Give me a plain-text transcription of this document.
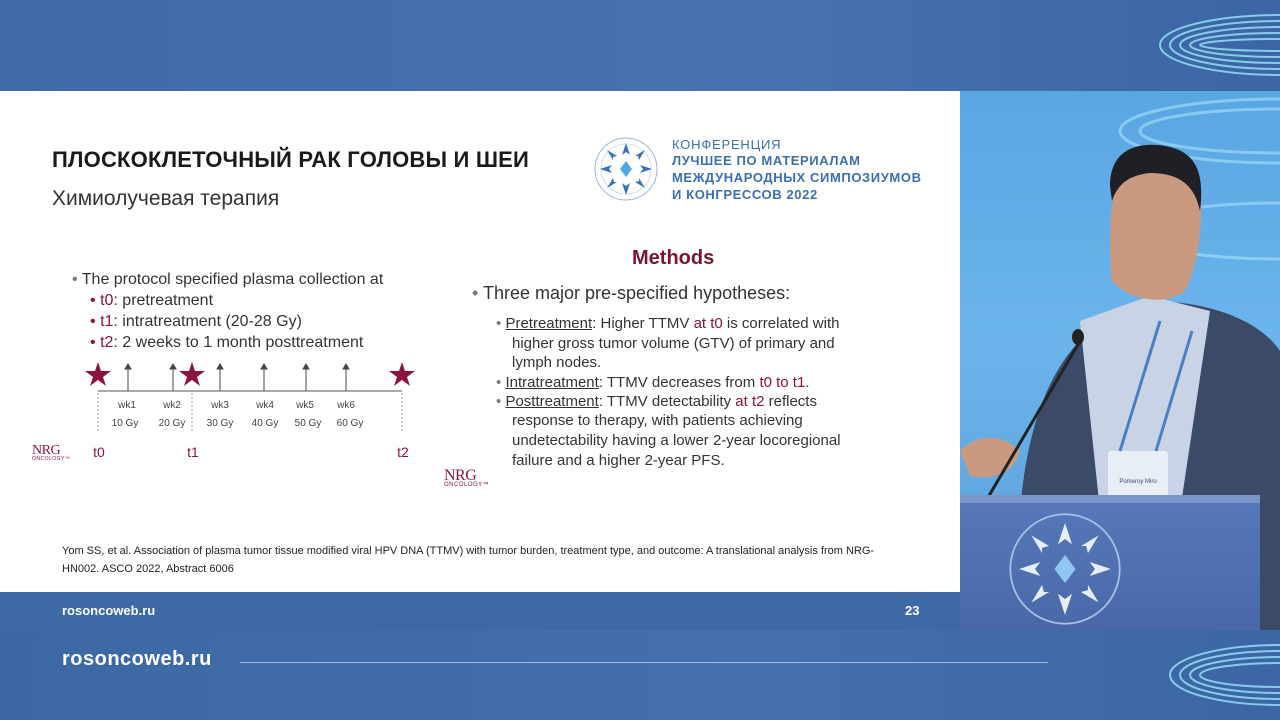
rosoncoweb.ru
ПЛОСКОКЛЕТОЧНЫЙ РАК ГОЛОВЫ И ШЕИ
Химиолучевая терапия
КОНФЕРЕНЦИЯ
ЛУЧШЕЕ ПО МАТЕРИАЛАМ
МЕЖДУНАРОДНЫХ СИМПОЗИУМОВ
И КОНГРЕССОВ 2022
• The protocol specified plasma collection at
• t0: pretreatment
• t1: intratreatment (20-28 Gy)
• t2: 2 weeks to 1 month posttreatment
wk1	wk2	wk3	wk4 wk5 wk6
10 Gy 20 Gy 30 Gy 40 Gy 50 Gy 60 Gy
t0	t1	t2
NRG
ONCOLOGY™
NRG
ONCOLOGY™
Methods
• Three major pre-specified hypotheses:
• Pretreatment: Higher TTMV at t0 is correlated with
higher gross tumor volume (GTV) of primary and
lymph nodes.
• Intratreatment: TTMV decreases from t0 to t1.
• Posttreatment: TTMV detectability at t2 reflects
response to therapy, with patients achieving
undetectability having a lower 2-year locoregional
failure and a higher 2-year PFS.
Yom SS, et al. Association of plasma tumor tissue modified viral HPV DNA (TTMV) with tumor burden, treatment type, and outcome: A translational analysis from NRG-HN002. ASCO 2022, Abstract 6006
rosoncoweb.ru	23
Pomeroy Miro
